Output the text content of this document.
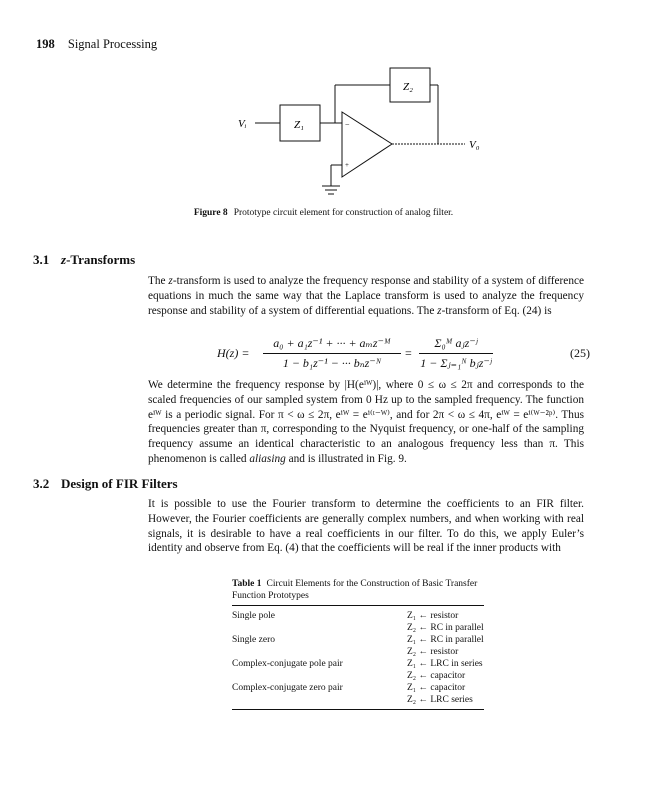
198 Signal Processing
Z₂
Z₁
Vᵢ
V₀
−
+
Figure 8 Prototype circuit element for construction of analog filter.
3.1 z-Transforms
The z-transform is used to analyze the frequency response and stability of a system of difference equations in much the same way that the Laplace transform is used to analyze the frequency response and stability of a system of differential equations. The z-transform of Eq. (24) is
H(z) =
a₀ + a₁z⁻¹ + ··· + aₘz⁻ᴹ
1 − b₁z⁻¹ − ··· bₙz⁻ᴺ
=
Σ₀ᴹ aⱼz⁻ʲ
1 − Σⱼ₌₁ᴺ bⱼz⁻ʲ
(25)
We determine the frequency response by |H(eⁱᵂ)|, where 0 ≤ ω ≤ 2π and corresponds to the scaled frequencies of our sampled system from 0 Hz up to the sampled frequency. The function eⁱᵂ is a periodic signal. For π < ω ≤ 2π, eⁱᵂ = eⁱ⁽ᵗ⁻ᵂ⁾, and for 2π < ω ≤ 4π, eⁱᵂ = eⁱ⁽ᵂ⁻²ᵖ⁾. Thus frequencies greater than π, corresponding to the Nyquist frequency, or one-half of the sampling frequency assume an identical characteristic to an analogous frequency less than π. This phenomenon is called aliasing and is illustrated in Fig. 9.
3.2 Design of FIR Filters
It is possible to use the Fourier transform to determine the coefficients to an FIR filter. However, the Fourier coefficients are generally complex numbers, and when working with real signals, it is desirable to have a real coefficients in our filter. To do this, we apply Euler’s identity and observe from Eq. (4) that the coefficients will be real if the inner products with
Table 1 Circuit Elements for the Construction of Basic Transfer Function Prototypes
Single pole	Z₁ ← resistor
Z₂ ← RC in parallel
Single zero	Z₁ ← RC in parallel
Z₂ ← resistor
Complex-conjugate pole pair	Z₁ ← LRC in series
Z₂ ← capacitor
Complex-conjugate zero pair	Z₁ ← capacitor
Z₂ ← LRC series
